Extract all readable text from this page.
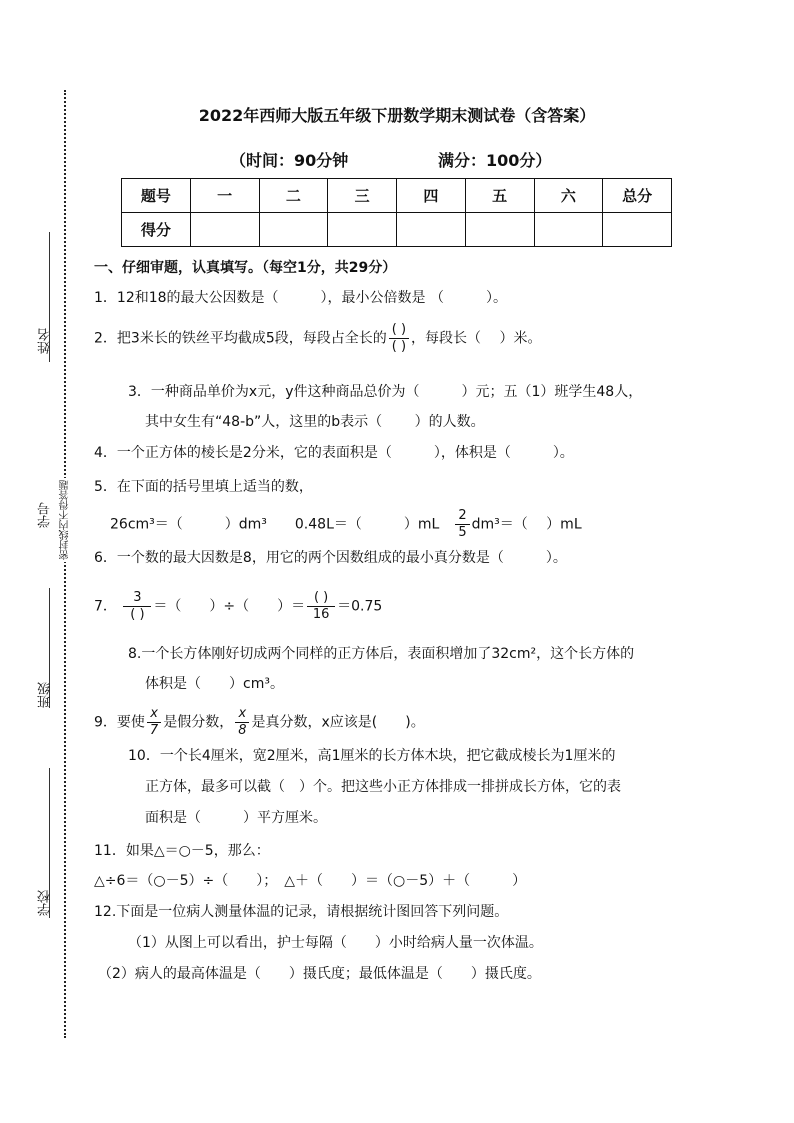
姓名
学号
班级
学校
密封线内不得答题
2022年西师大版五年级下册数学期末测试卷（含答案）
（时间：90分钟	满分：100分）
题号	一	二	三	四	五	六	总分
得分							
一、仔细审题，认真填写。（每空1分，共29分）
1．12和18的最大公因数是（　　　），最小公倍数是 （　　　）。
2．把3米长的铁丝平均截成5段，每段占全长的 $\frac{( )}{( )}$ ，每段长（　 ）米。
3．一种商品单价为x元，y件这种商品总价为（　　　）元；五（1）班学生48人，
其中女生有“48-b”人，这里的b表示（　　 ）的人数。
4．一个正方体的棱长是2分米，它的表面积是（　　　），体积是（　　　）。
5．在下面的括号里填上适当的数，
26cm³＝（　　　）dm³　　0.48L＝（　　　）mL　 $\frac{2}{5} dm^3=$（　 ）mL
6．一个数的最大因数是8，用它的两个因数组成的最小真分数是（　　　）。
7． $\frac{3}{( )}$ ＝（　　）÷（　　）＝ $\frac{( )}{16} =0.75$
8.一个长方体刚好切成两个同样的正方体后，表面积增加了32cm²，这个长方体的
体积是（　　）cm³。
9．要使 $\frac{x}{7}$ 是假分数， $\frac{x}{8}$ 是真分数，x应该是(　　)。
10．一个长4厘米，宽2厘米，高1厘米的长方体木块，把它截成棱长为1厘米的
正方体，最多可以截（　）个。把这些小正方体排成一排拼成长方体，它的表
面积是（　　　）平方厘米。
11．如果△＝○－5，那么：
△÷6＝（○－5）÷（　　）；　△＋（　　）＝（○－5）＋（　　　）
12.下面是一位病人测量体温的记录，请根据统计图回答下列问题。
（1）从图上可以看出，护士每隔（　　）小时给病人量一次体温。
（2）病人的最高体温是（　　）摄氏度；最低体温是（　　）摄氏度。
